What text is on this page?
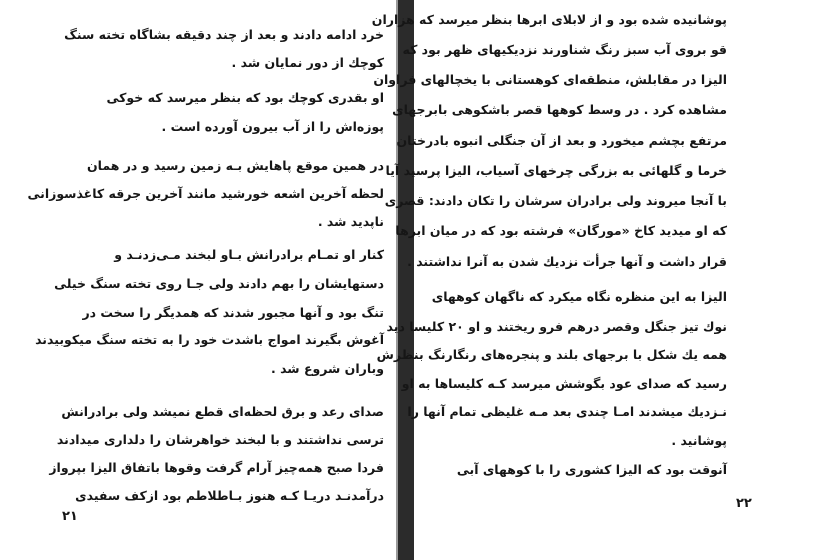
خرد ادامه دادند و بعد از چند دقیقه بشاگاه تخته سنگ
کوچك از دور نمایان شد .
او بقدری کوچك بود که بنظر میرسد که خوکی
پوزەاش را از آب بیرون آورده است .
در همین موقع پاهایش بـه زمین رسید و در همان
لحظه آخرین اشعه خورشید مانند آخرین جرقه کاغذسوزانی
ناپدید شد .
کنار او تمـام برادرانش بـاو لبخند مـی‌زدنـد و
دستهایشان را بهم دادند ولی جـا روی تخته سنگ خیلی
تنگ بود و آنها مجبور شدند که همدیگر را سخت در
آغوش بگیرند امواج باشدت خود را به تخته سنگ میکوبیدند
وباران شروع شد .
صدای رعد و برق لحظه‌ای قطع نمیشد ولی برادرانش
ترسی نداشتند و با لبخند خواهرشان را دلداری میدادند
فردا صبح همه‌چیز آرام گرفت وقوها باتفاق الیزا بپرواز
درآمدنـد دریـا کـه هنوز بـاطلاطم بود ازکف سفیدی
۲۱
پوشانیده شده بود و از لابلای ابرها بنظر میرسد که هزاران
قو بروی آب سبز رنگ شناورند نزدیکیهای ظهر بود که
الیزا در مقابلش، منطقه‌ای کوهستانی با یخچالهای فراوان
مشاهده کرد . در وسط کوهها قصر باشکوهی بابرجهای
مرتفع بچشم میخورد و بعد از آن جنگلی انبوه بادرختان
خرما و گلهائی به بزرگی چرخهای آسیاب، الیزا پرسید آیا
با آنجا میروند ولی برادران سرشان را تکان دادند: قصری
که او میدید کاخ «مورگان» فرشته بود که در میان ابرها
قرار داشت و آنها جرأت نزدیك شدن به آنرا نداشتند .
الیزا به این منظره نگاه میکرد که ناگهان کوههای
نوك تیز جنگل وقصر درهم فرو ریختند و او ۲۰ کلیسا دید
همه یك شکل با برجهای بلند و پنجره‌های رنگارنگ بنظرش
رسید که صدای عود بگوشش میرسد کـه کلیساها به او
نـزدیك میشدند امـا چندی بعد مـه غلیظی تمام آنها را
پوشانید .
آنوقت بود که الیزا کشوری را با کوههای آبی
۲۲
